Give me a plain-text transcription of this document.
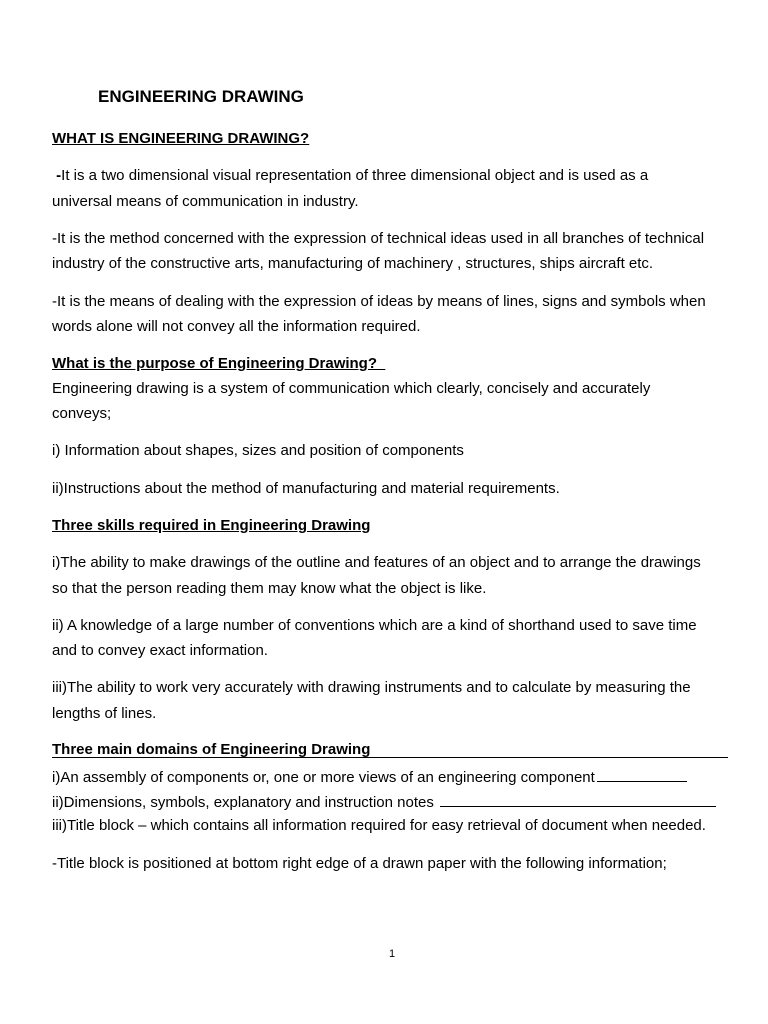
ENGINEERING DRAWING
WHAT IS ENGINEERING DRAWING?
-It is a two dimensional visual representation of three dimensional object and is used as a
universal means of communication in industry.
-It is the method concerned with the expression of technical ideas used in all branches of technical
industry of the constructive arts, manufacturing of machinery , structures, ships aircraft etc.
-It is the means of dealing with the expression of ideas by means of lines, signs and symbols when
words alone will not convey all the information required.
What is the purpose of Engineering Drawing?
Engineering drawing is a system of communication which clearly, concisely and accurately
conveys;
i) Information about shapes, sizes and position of components
ii)Instructions about the method of manufacturing and material requirements.
Three skills required in Engineering Drawing
i)The ability to make drawings of the outline and features of an object and to arrange the drawings
so that the person reading them may know what the object is like.
ii) A knowledge of a large number of conventions which are a kind of shorthand used to save time
and to convey exact information.
iii)The ability to work very accurately with drawing instruments and to calculate by measuring the
lengths of lines.
Three main domains of Engineering Drawing
i)An assembly of components or, one or more views of an engineering component
ii)Dimensions, symbols, explanatory and instruction notes
iii)Title block – which contains all information required for easy retrieval of document when needed.
-Title block is positioned at bottom right edge of a drawn paper with the following information;
1
